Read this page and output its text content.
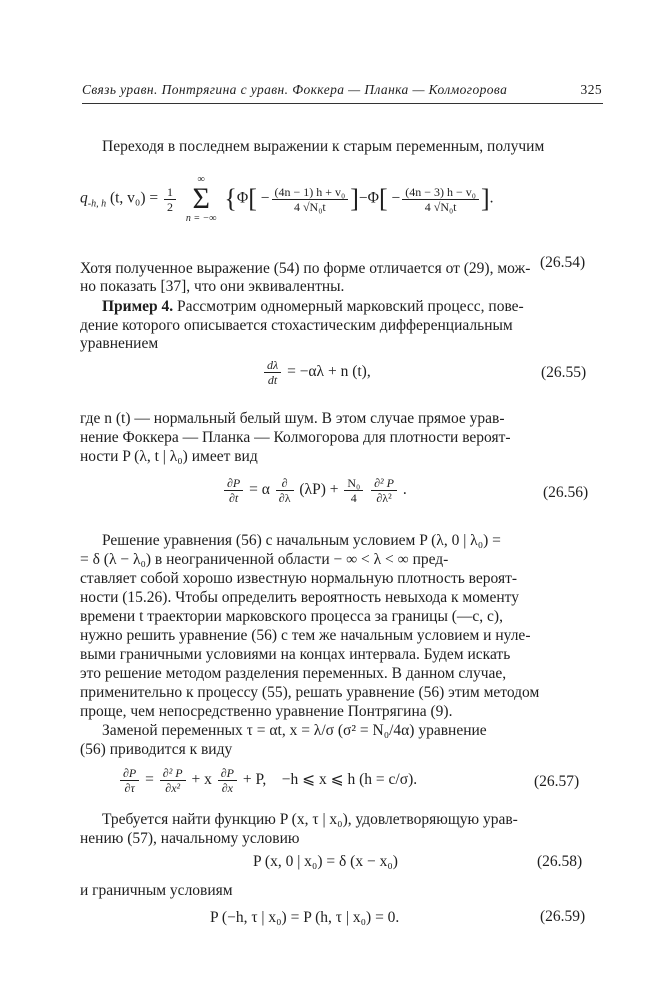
Связь уравн. Понтрягина с уравн. Фоккера — Планка — Колмогорова	325
Переходя в последнем выражении к старым переменным, получим
$q_{-h, h}$ (t, $v_0) = \frac{1}{2}$

∞
Σ
n = −∞
{$\Phi[ - \frac{\text{(4n − 1) h + v₀}}{\text{4 √N₀t}} ]-\Phi[ - \frac{\text{(4n − 3) h − v₀}}{\text{4 √N₀t}}$ ].
(26.54)
Хотя полученное выражение (54) по форме отличается от (29), мож-
но показать [37], что они эквивалентны.
Пример 4. Рассмотрим одномерный марковский процесс, пове-
дение которого описывается стохастическим дифференциальным
уравнением
$\frac{d\lambda}{dt} = -\alpha\lambda + n$ (t),	(26.55)
где n (t) — нормальный белый шум. В этом случае прямое урав-
нение Фоккера — Планка — Колмогорова для плотности вероят-
ности P (λ, t | λ₀) имеет вид
$\frac{\partial P}{\partial t} = \alpha \frac{\partial}{\partial\lambda} (\lambda P) + \frac{\text{N₀}}{4}$
$\frac{\text{∂² P}}{\text{∂λ²}}$ .	(26.56)
Решение уравнения (56) с начальным условием P (λ, 0 | λ₀) =
= δ (λ − λ₀) в неограниченной области − ∞ < λ < ∞ пред-
ставляет собой хорошо известную нормальную плотность вероят-
ности (15.26). Чтобы определить вероятность невыхода к моменту
времени t траектории марковского процесса за границы (—c, c),
нужно решить уравнение (56) с тем же начальным условием и нуле-
выми граничными условиями на концах интервала. Будем искать
это решение методом разделения переменных. В данном случае,
применительно к процессу (55), решать уравнение (56) этим методом
проще, чем непосредственно уравнение Понтрягина (9).
Заменой переменных τ = αt, x = λ/σ (σ² = N₀/4α) уравнение
(56) приводится к виду
$\frac{\partial P}{\partial\tau} = \frac{\text{∂² P}}{\text{∂x²}} + x \frac{\partial P}{\partial x} + P$, −h ⩽ x ⩽ h (h = c/σ).	(26.57)
Требуется найти функцию P (x, τ | x₀), удовлетворяющую урав-
нению (57), начальному условию
P (x, 0 | x₀) = δ (x − x₀)	(26.58)
и граничным условиям
P (−h, τ | x₀) = P (h, τ | x₀) = 0.	(26.59)
